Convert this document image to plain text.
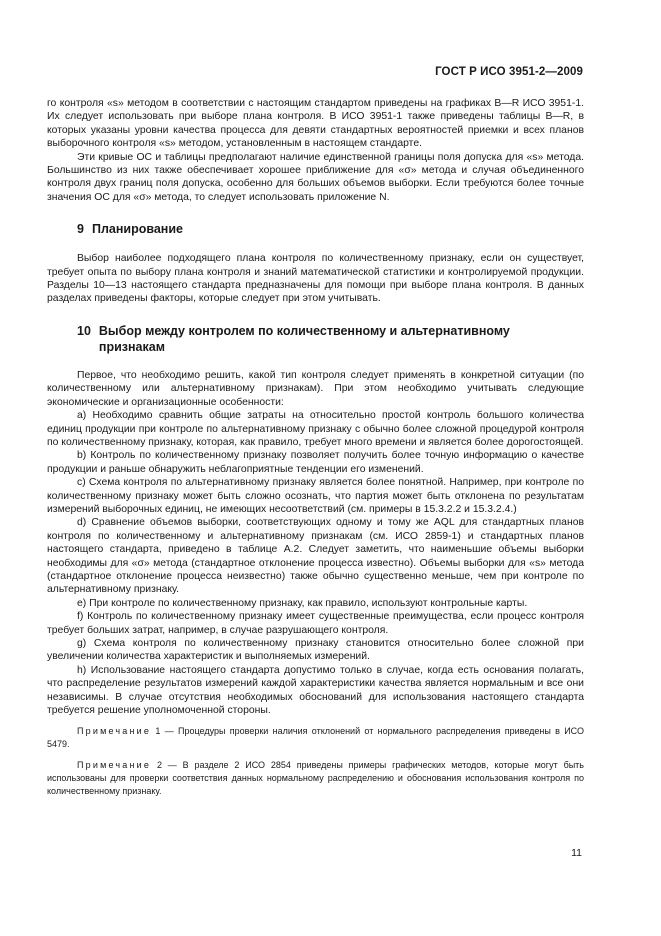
ГОСТ Р ИСО 3951-2—2009

го контроля «s» методом в соответствии с настоящим стандартом приведены на графиках В—R ИСО 3951-1. Их следует использовать при выборе плана контроля. В ИСО 3951-1 также приведены таблицы В—R, в которых указаны уровни качества процесса для девяти стандартных вероятностей приемки и всех планов выборочного контроля «s» методом, установленным в настоящем стандарте.

Эти кривые ОС и таблицы предполагают наличие единственной границы поля допуска для «s» метода. Большинство из них также обеспечивает хорошее приближение для «σ» метода и случая объединенного контроля двух границ поля допуска, особенно для больших объемов выборки. Если требуются более точные значения ОС для «σ» метода, то следует использовать приложение N.

9 Планирование

Выбор наиболее подходящего плана контроля по количественному признаку, если он существует, требует опыта по выбору плана контроля и знаний математической статистики и контролируемой продукции. Разделы 10—13 настоящего стандарта предназначены для помощи при выборе плана контроля. В данных разделах приведены факторы, которые следует при этом учитывать.

10 Выбор между контролем по количественному и альтернативному
признакам

Первое, что необходимо решить, какой тип контроля следует применять в конкретной ситуации (по количественному или альтернативному признакам). При этом необходимо учитывать следующие экономические и организационные особенности:

a) Необходимо сравнить общие затраты на относительно простой контроль большого количества единиц продукции при контроле по альтернативному признаку с обычно более сложной процедурой контроля по количественному признаку, которая, как правило, требует много времени и является более дорогостоящей.

b) Контроль по количественному признаку позволяет получить более точную информацию о качестве продукции и раньше обнаружить неблагоприятные тенденции его изменений.

c) Схема контроля по альтернативному признаку является более понятной. Например, при контроле по количественному признаку может быть сложно осознать, что партия может быть отклонена по результатам измерений выборочных единиц, не имеющих несоответствий (см. примеры в 15.3.2.2 и 15.3.2.4.)

d) Сравнение объемов выборки, соответствующих одному и тому же AQL для стандартных планов контроля по количественному и альтернативному признакам (см. ИСО 2859-1) и стандартных планов настоящего стандарта, приведено в таблице А.2. Следует заметить, что наименьшие объемы выборки необходимы для «σ» метода (стандартное отклонение процесса известно). Объемы выборки для «s» метода (стандартное отклонение процесса неизвестно) также обычно существенно меньше, чем при контроле по альтернативному признаку.

e) При контроле по количественному признаку, как правило, используют контрольные карты.

f) Контроль по количественному признаку имеет существенные преимущества, если процесс контроля требует больших затрат, например, в случае разрушающего контроля.

g) Схема контроля по количественному признаку становится относительно более сложной при увеличении количества характеристик и выполняемых измерений.

h) Использование настоящего стандарта допустимо только в случае, когда есть основания полагать, что распределение результатов измерений каждой характеристики качества является нормальным и все они независимы. В случае отсутствия необходимых обоснований для использования настоящего стандарта требуется решение уполномоченной стороны.

Примечание 1 — Процедуры проверки наличия отклонений от нормального распределения приведены в ИСО 5479.

Примечание 2 — В разделе 2 ИСО 2854 приведены примеры графических методов, которые могут быть использованы для проверки соответствия данных нормальному распределению и обоснования использования контроля по количественному признаку.

11
